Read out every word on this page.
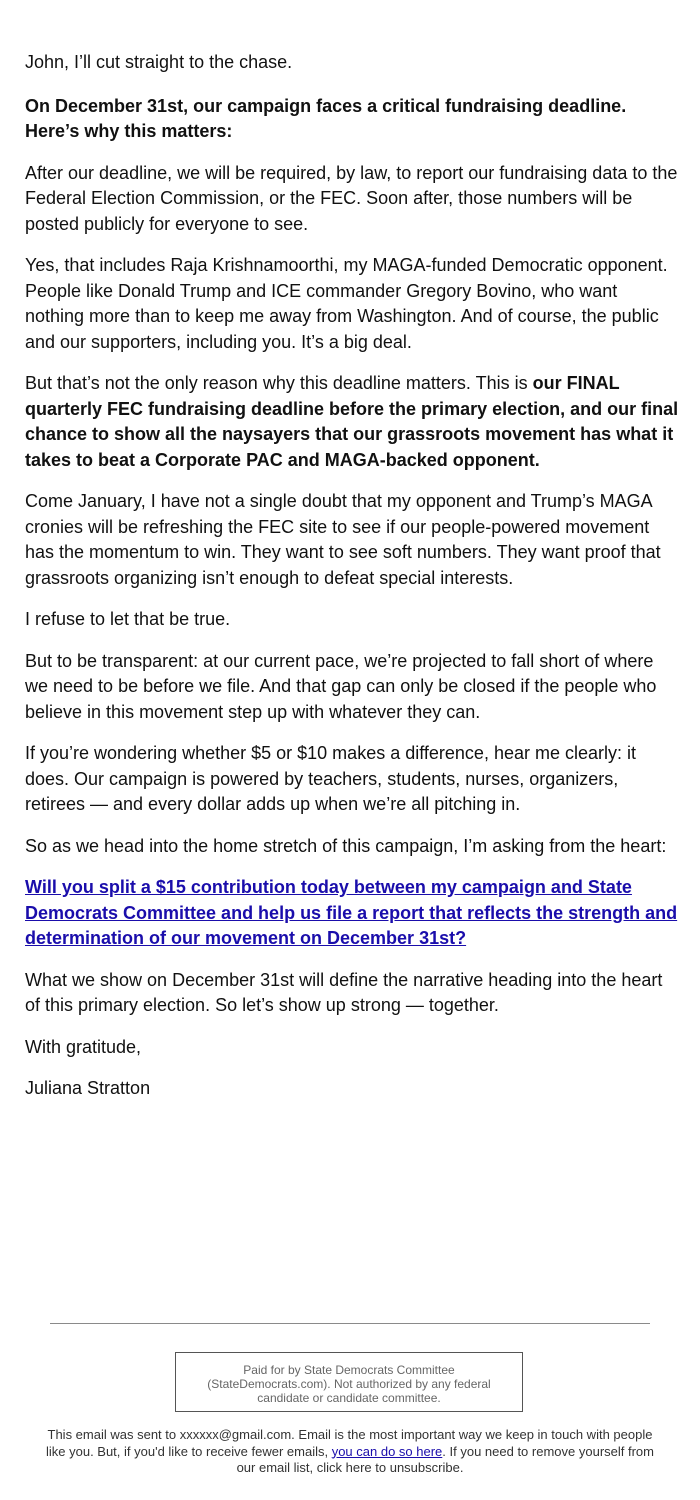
John, I’ll cut straight to the chase.

On December 31st, our campaign faces a critical fundraising deadline. Here’s why this matters:

After our deadline, we will be required, by law, to report our fundraising data to the Federal Election Commission, or the FEC. Soon after, those numbers will be posted publicly for everyone to see.

Yes, that includes Raja Krishnamoorthi, my MAGA-funded Democratic opponent. People like Donald Trump and ICE commander Gregory Bovino, who want nothing more than to keep me away from Washington. And of course, the public and our supporters, including you. It’s a big deal.

But that’s not the only reason why this deadline matters. This is our FINAL quarterly FEC fundraising deadline before the primary election, and our final chance to show all the naysayers that our grassroots movement has what it takes to beat a Corporate PAC and MAGA-backed opponent.

Come January, I have not a single doubt that my opponent and Trump’s MAGA cronies will be refreshing the FEC site to see if our people-powered movement has the momentum to win. They want to see soft numbers. They want proof that grassroots organizing isn’t enough to defeat special interests.

I refuse to let that be true.

But to be transparent: at our current pace, we’re projected to fall short of where we need to be before we file. And that gap can only be closed if the people who believe in this movement step up with whatever they can.

If you’re wondering whether $5 or $10 makes a difference, hear me clearly: it does. Our campaign is powered by teachers, students, nurses, organizers, retirees — and every dollar adds up when we’re all pitching in.

So as we head into the home stretch of this campaign, I’m asking from the heart:

Will you split a $15 contribution today between my campaign and State Democrats Committee and help us file a report that reflects the strength and determination of our movement on December 31st?

What we show on December 31st will define the narrative heading into the heart of this primary election. So let’s show up strong — together.

With gratitude,

Juliana Stratton

Paid for by State Democrats Committee (StateDemocrats.com). Not authorized by any federal candidate or candidate committee.
This email was sent to xxxxxx@gmail.com. Email is the most important way we keep in touch with people like you. But, if you'd like to receive fewer emails, you can do so here. If you need to remove yourself from our email list, click here to unsubscribe.
